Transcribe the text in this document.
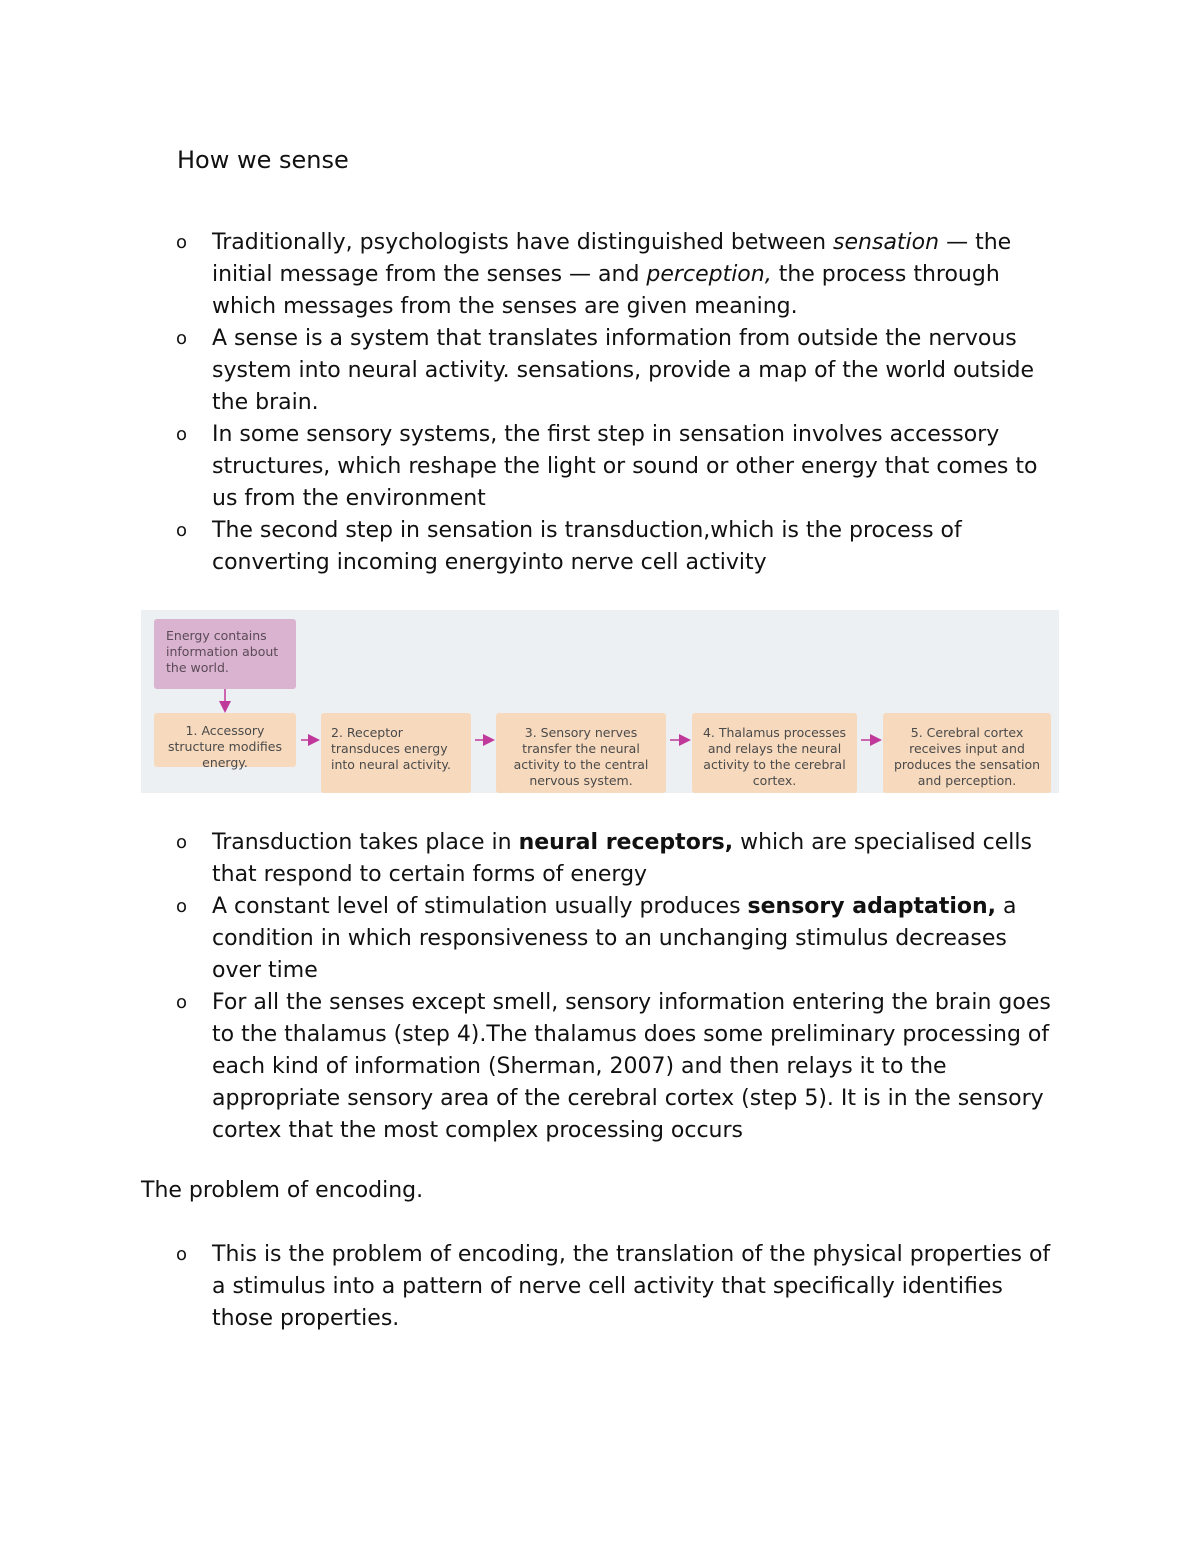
How we sense
o Traditionally, psychologists have distinguished between sensation — the initial message from the senses — and perception, the process through which messages from the senses are given meaning.
o A sense is a system that translates information from outside the nervous system into neural activity. sensations, provide a map of the world outside the brain.
o In some sensory systems, the first step in sensation involves accessory structures, which reshape the light or sound or other energy that comes to us from the environment
o The second step in sensation is transduction,which is the process of converting incoming energyinto nerve cell activity
Energy contains information about the world.
1. Accessory structure modifies energy.
2. Receptor transduces energy into neural activity.
3. Sensory nerves transfer the neural activity to the central nervous system.
4. Thalamus processes and relays the neural activity to the cerebral cortex.
5. Cerebral cortex receives input and produces the sensation and perception.
o Transduction takes place in neural receptors, which are specialised cells that respond to certain forms of energy
o A constant level of stimulation usually produces sensory adaptation, a condition in which responsiveness to an unchanging stimulus decreases over time
o For all the senses except smell, sensory information entering the brain goes to the thalamus (step 4).The thalamus does some preliminary processing of each kind of information (Sherman, 2007) and then relays it to the appropriate sensory area of the cerebral cortex (step 5). It is in the sensory cortex that the most complex processing occurs
The problem of encoding.
o This is the problem of encoding, the translation of the physical properties of a stimulus into a pattern of nerve cell activity that specifically identifies those properties.
